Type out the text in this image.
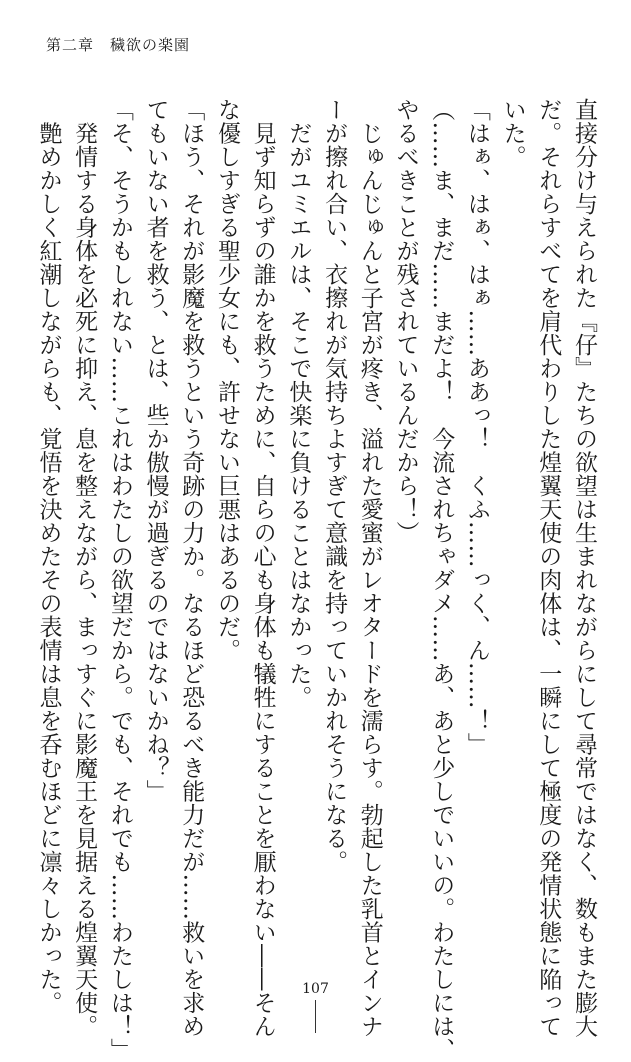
第二章　穢欲の楽園
直接分け与えられた『仔』たちの欲望は生まれながらにして尋常ではなく、数もまた膨大
だ。それらすべてを肩代わりした煌翼天使の肉体は、一瞬にして極度の発情状態に陥って
いた。
「はぁ、はぁ、はぁ……ああっ！　くふ……っく、ん……！」
（……ま、まだ……まだよ！　今流されちゃダメ……あ、あと少しでいいの。わたしには、
やるべきことが残されているんだから！）
　じゅんじゅんと子宮が疼き、溢れた愛蜜がレオタードを濡らす。勃起した乳首とインナ
ーが擦れ合い、衣擦れが気持ちよすぎて意識を持っていかれそうになる。
　だがユミエルは、そこで快楽に負けることはなかった。
　見ず知らずの誰かを救うために、自らの心も身体も犠牲にすることを厭わない――そん
な優しすぎる聖少女にも、許せない巨悪はあるのだ。
「ほう、それが影魔を救うという奇跡の力か。なるほど恐るべき能力だが……救いを求め
てもいない者を救う、とは、些か傲慢が過ぎるのではないかね？」
「そ、そうかもしれない……これはわたしの欲望だから。でも、それでも……わたしは！」
　発情する身体を必死に抑え、息を整えながら、まっすぐに影魔王を見据える煌翼天使。
　艶めかしく紅潮しながらも、覚悟を決めたその表情は息を呑むほどに凛々しかった。	107
